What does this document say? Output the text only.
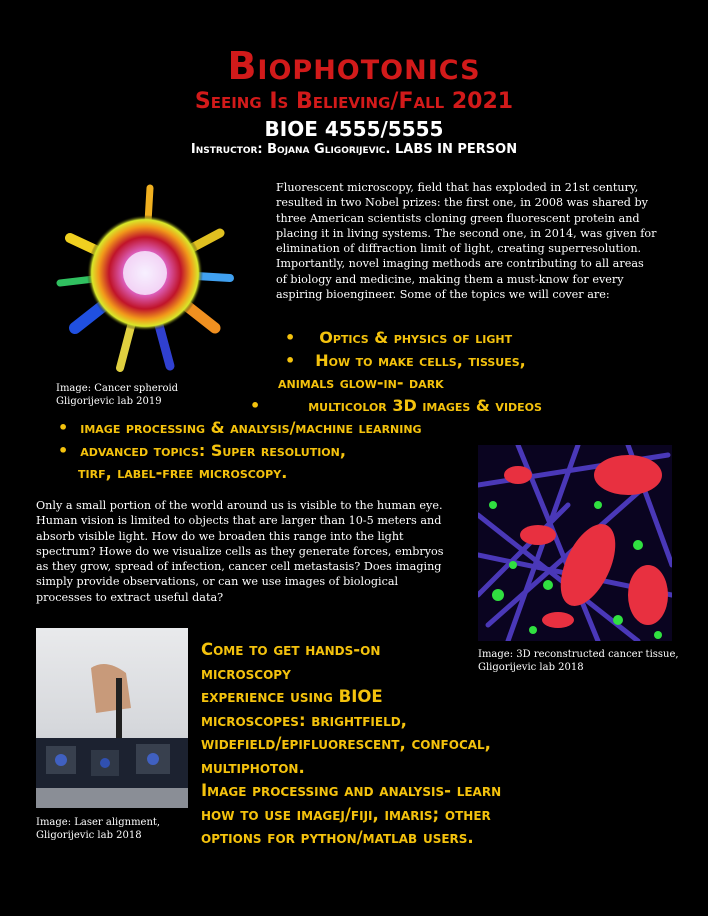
Biophotonics
Seeing Is Believing/Fall 2021
BIOE 4555/5555
Instructor: Bojana Gligorijevic. LABS IN PERSON
Image: Cancer spheroid
Gligorijevic lab 2019
Fluorescent microscopy, field that has exploded in 21st century,
resulted in two Nobel prizes: the first one, in 2008 was shared by
three American scientists cloning green fluorescent protein and
placing it in living systems. The second one, in 2014, was given for
elimination of diffraction limit of light, creating superresolution.
Importantly, novel imaging methods are contributing to all areas
of biology and medicine, making them a must-know for every
aspiring bioengineer. Some of the topics we will cover are:
• Optics & physics of light
• How to make cells, tissues,
animals glow-in- dark
•	multicolor 3D images & videos
• image processing & analysis/machine learning
• advanced topics: Super resolution,
tirf, label-free microscopy.
Image: 3D reconstructed cancer tissue,
Gligorijevic lab 2018
Only a small portion of the world around us is visible to the human eye.
Human vision is limited to objects that are larger than 10-5 meters and
absorb visible light. How do we broaden this range into the light
spectrum? Howe do we visualize cells as they generate forces, embryos
as they grow, spread of infection, cancer cell metastasis? Does imaging
simply provide observations, or can we use images of biological
processes to extract useful data?
Image: Laser alignment,
Gligorijevic lab 2018
Come to get hands-on
microscopy
experience using BIOE
microscopes: brightfield,
widefield/epifluorescent, confocal,
multiphoton.
Image processing and analysis- learn
how to use imagej/fiji, imaris; other
options for python/matlab users.
